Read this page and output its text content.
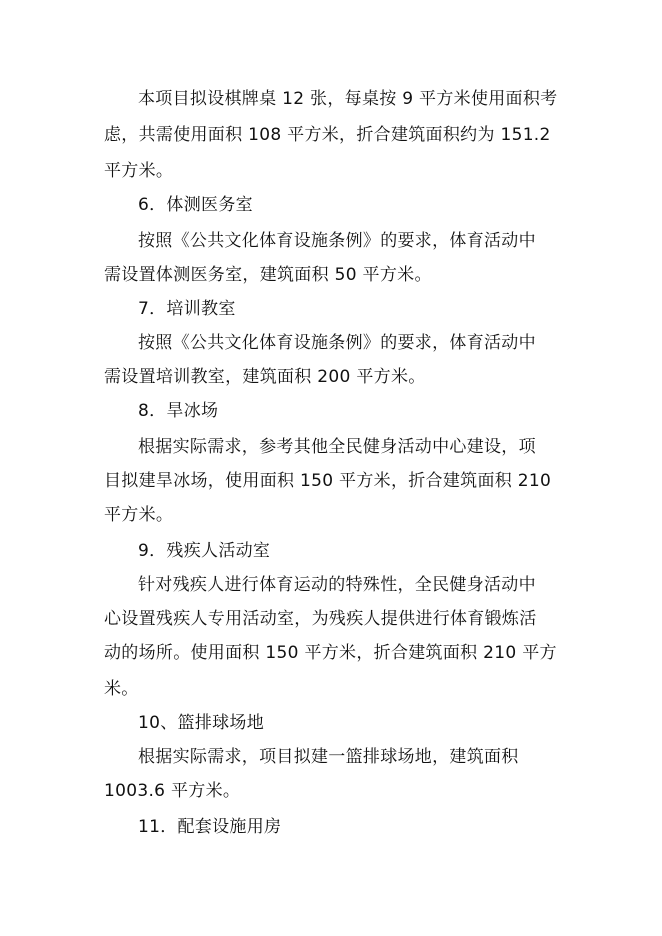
本项目拟设棋牌桌 12 张，每桌按 9 平方米使用面积考
虑，共需使用面积 108 平方米，折合建筑面积约为 151.2
平方米。
6．体测医务室
按照《公共文化体育设施条例》的要求，体育活动中
需设置体测医务室，建筑面积 50 平方米。
7．培训教室
按照《公共文化体育设施条例》的要求，体育活动中
需设置培训教室，建筑面积 200 平方米。
8．旱冰场
根据实际需求，参考其他全民健身活动中心建设，项
目拟建旱冰场，使用面积 150 平方米，折合建筑面积 210
平方米。
9．残疾人活动室
针对残疾人进行体育运动的特殊性，全民健身活动中
心设置残疾人专用活动室，为残疾人提供进行体育锻炼活
动的场所。使用面积 150 平方米，折合建筑面积 210 平方
米。
10、篮排球场地
根据实际需求，项目拟建一篮排球场地，建筑面积
1003.6 平方米。
11．配套设施用房
